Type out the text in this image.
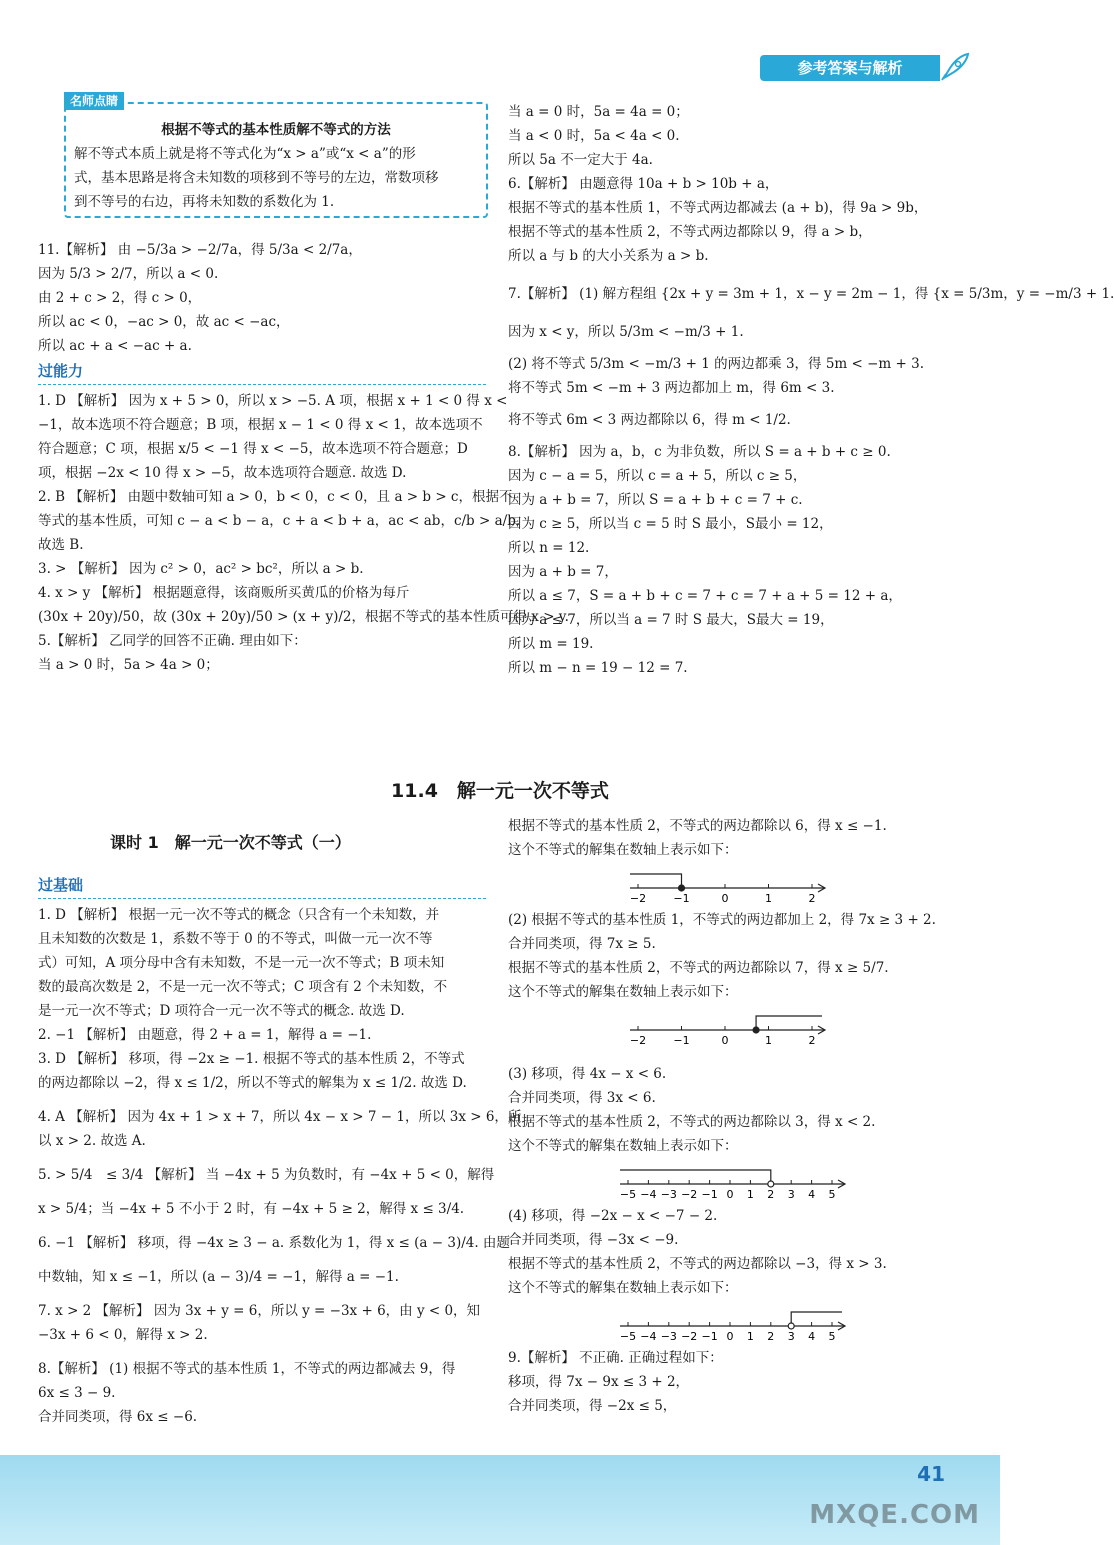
参考答案与解析
名师点睛
根据不等式的基本性质解不等式的方法

解不等式本质上就是将不等式化为“x > a”或“x < a”的形

式，基本思路是将含未知数的项移到不等号的左边，常数项移

到不等号的右边，再将未知数的系数化为 1.

11.【解析】 由 −5/3a > −2/7a，得 5/3a < 2/7a，

因为 5/3 > 2/7，所以 a < 0.

由 2 + c > 2，得 c > 0，

所以 ac < 0，−ac > 0，故 ac < −ac，

所以 ac + a < −ac + a.

过能力

1. D 【解析】 因为 x + 5 > 0，所以 x > −5. A 项，根据 x + 1 < 0 得 x <

−1，故本选项不符合题意；B 项，根据 x − 1 < 0 得 x < 1，故本选项不

符合题意；C 项，根据 x/5 < −1 得 x < −5，故本选项不符合题意；D

项，根据 −2x < 10 得 x > −5，故本选项符合题意. 故选 D.

2. B 【解析】 由题中数轴可知 a > 0，b < 0，c < 0，且 a > b > c，根据不

等式的基本性质，可知 c − a < b − a，c + a < b + a，ac < ab，c/b > a/b.

故选 B.

3. > 【解析】 因为 c² > 0，ac² > bc²，所以 a > b.

4. x > y 【解析】 根据题意得，该商贩所买黄瓜的价格为每斤

(30x + 20y)/50，故 (30x + 20y)/50 > (x + y)/2，根据不等式的基本性质可得 x > y.

5.【解析】 乙同学的回答不正确. 理由如下：

当 a > 0 时，5a > 4a > 0；

当 a = 0 时，5a = 4a = 0；

当 a < 0 时，5a < 4a < 0.

所以 5a 不一定大于 4a.

6.【解析】 由题意得 10a + b > 10b + a，

根据不等式的基本性质 1，不等式两边都减去 (a + b)，得 9a > 9b，

根据不等式的基本性质 2，不等式两边都除以 9，得 a > b，

所以 a 与 b 的大小关系为 a > b.

7.【解析】 (1) 解方程组 {2x + y = 3m + 1，x − y = 2m − 1，得 {x = 5/3m，y = −m/3 + 1.

因为 x < y，所以 5/3m < −m/3 + 1.

(2) 将不等式 5/3m < −m/3 + 1 的两边都乘 3，得 5m < −m + 3.

将不等式 5m < −m + 3 两边都加上 m，得 6m < 3.

将不等式 6m < 3 两边都除以 6，得 m < 1/2.

8.【解析】 因为 a，b，c 为非负数，所以 S = a + b + c ≥ 0.

因为 c − a = 5，所以 c = a + 5，所以 c ≥ 5，

因为 a + b = 7，所以 S = a + b + c = 7 + c.

因为 c ≥ 5，所以当 c = 5 时 S 最小，S最小 = 12，

所以 n = 12.

因为 a + b = 7，

所以 a ≤ 7，S = a + b + c = 7 + c = 7 + a + 5 = 12 + a，

因为 a ≤ 7，所以当 a = 7 时 S 最大，S最大 = 19，

所以 m = 19.

所以 m − n = 19 − 12 = 7.

11.4　解一元一次不等式
课时 1　解一元一次不等式（一）
过基础

1. D 【解析】 根据一元一次不等式的概念（只含有一个未知数，并

且未知数的次数是 1，系数不等于 0 的不等式，叫做一元一次不等

式）可知，A 项分母中含有未知数，不是一元一次不等式；B 项未知

数的最高次数是 2，不是一元一次不等式；C 项含有 2 个未知数，不

是一元一次不等式；D 项符合一元一次不等式的概念. 故选 D.

2. −1 【解析】 由题意，得 2 + a = 1，解得 a = −1.

3. D 【解析】 移项，得 −2x ≥ −1. 根据不等式的基本性质 2，不等式

的两边都除以 −2，得 x ≤ 1/2，所以不等式的解集为 x ≤ 1/2. 故选 D.

4. A 【解析】 因为 4x + 1 > x + 7，所以 4x − x > 7 − 1，所以 3x > 6，所

以 x > 2. 故选 A.

5. > 5/4　≤ 3/4 【解析】 当 −4x + 5 为负数时，有 −4x + 5 < 0，解得

x > 5/4；当 −4x + 5 不小于 2 时，有 −4x + 5 ≥ 2，解得 x ≤ 3/4.

6. −1 【解析】 移项，得 −4x ≥ 3 − a. 系数化为 1，得 x ≤ (a − 3)/4. 由题

中数轴，知 x ≤ −1，所以 (a − 3)/4 = −1，解得 a = −1.

7. x > 2 【解析】 因为 3x + y = 6，所以 y = −3x + 6，由 y < 0，知

−3x + 6 < 0，解得 x > 2.

8.【解析】 (1) 根据不等式的基本性质 1，不等式的两边都减去 9，得

6x ≤ 3 − 9.

合并同类项，得 6x ≤ −6.

根据不等式的基本性质 2，不等式的两边都除以 6，得 x ≤ −1.

这个不等式的解集在数轴上表示如下：

−2 −1	0	1	2

(2) 根据不等式的基本性质 1，不等式的两边都加上 2，得 7x ≥ 3 + 2.

合并同类项，得 7x ≥ 5.

根据不等式的基本性质 2，不等式的两边都除以 7，得 x ≥ 5/7.

这个不等式的解集在数轴上表示如下：

−2 −1	0	1	2

(3) 移项，得 4x − x < 6.

合并同类项，得 3x < 6.

根据不等式的基本性质 2，不等式的两边都除以 3，得 x < 2.

这个不等式的解集在数轴上表示如下：

−5 −4 −3 −2 −1 0 1 2 3 4 5

(4) 移项，得 −2x − x < −7 − 2.

合并同类项，得 −3x < −9.

根据不等式的基本性质 2，不等式的两边都除以 −3，得 x > 3.

这个不等式的解集在数轴上表示如下：

−5 −4 −3 −2 −1 0 1 2 3 4 5

9.【解析】 不正确. 正确过程如下：

移项，得 7x − 9x ≤ 3 + 2，

合并同类项，得 −2x ≤ 5，

41
MXQE.COM
